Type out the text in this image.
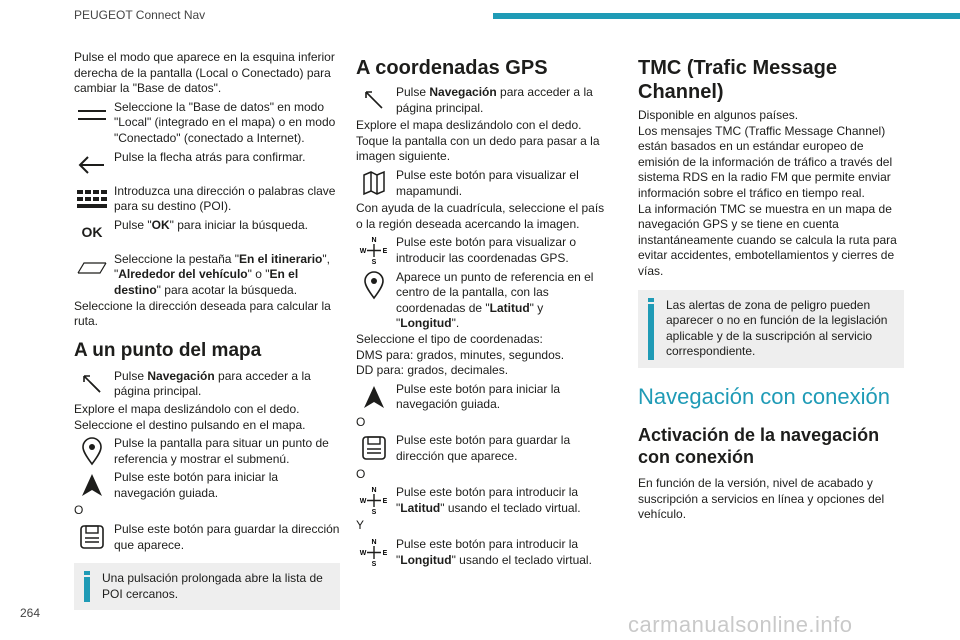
PEUGEOT Connect Nav

Pulse el modo que aparece en la esquina inferior derecha de la pantalla (Local o Conectado) para cambiar la "Base de datos".

Seleccione la "Base de datos" en modo "Local" (integrado en el mapa) o en modo "Conectado" (conectado a Internet).
Pulse la flecha atrás para confirmar.
Introduzca una dirección o palabras clave para su destino (POI).
OK Pulse "OK" para iniciar la búsqueda.
Seleccione la pestaña "En el itinerario", "Alrededor del vehículo" o "En el destino" para acotar la búsqueda.

Seleccione la dirección deseada para calcular la ruta.

A un punto del mapa
Pulse Navegación para acceder a la página principal.

Explore el mapa deslizándolo con el dedo.

Seleccione el destino pulsando en el mapa.

Pulse la pantalla para situar un punto de referencia y mostrar el submenú.
Pulse este botón para iniciar la navegación guiada.

O

Pulse este botón para guardar la dirección que aparece.
Una pulsación prolongada abre la lista de POI cercanos.
A coordenadas GPS
Pulse Navegación para acceder a la página principal.

Explore el mapa deslizándolo con el dedo.

Toque la pantalla con un dedo para pasar a la imagen siguiente.

Pulse este botón para visualizar el mapamundi.

Con ayuda de la cuadrícula, seleccione el país o la región deseada acercando la imagen.

N
W E
S
Pulse este botón para visualizar o introducir las coordenadas GPS.
Aparece un punto de referencia en el centro de la pantalla, con las coordenadas de "Latitud" y "Longitud".

Seleccione el tipo de coordenadas:

DMS para: grados, minutes, segundos.

DD para: grados, decimales.

Pulse este botón para iniciar la navegación guiada.

O

Pulse este botón para guardar la dirección que aparece.

O

N
W E
S
Pulse este botón para introducir la "Latitud" usando el teclado virtual.

Y

N
W E
S
Pulse este botón para introducir la "Longitud" usando el teclado virtual.
TMC (Trafic Message Channel)

Disponible en algunos países.

Los mensajes TMC (Traffic Message Channel) están basados en un estándar europeo de emisión de la información de tráfico a través del sistema RDS en la radio FM que permite enviar información sobre el tráfico en tiempo real.

La información TMC se muestra en un mapa de navegación GPS y se tiene en cuenta instantáneamente cuando se calcula la ruta para evitar accidentes, embotellamientos y cierres de vías.

Las alertas de zona de peligro pueden aparecer o no en función de la legislación aplicable y de la suscripción al servicio correspondiente.
Navegación con conexión
Activación de la navegación con conexión

En función de la versión, nivel de acabado y suscripción a servicios en línea y opciones del vehículo.

264	carmanualsonline.info
